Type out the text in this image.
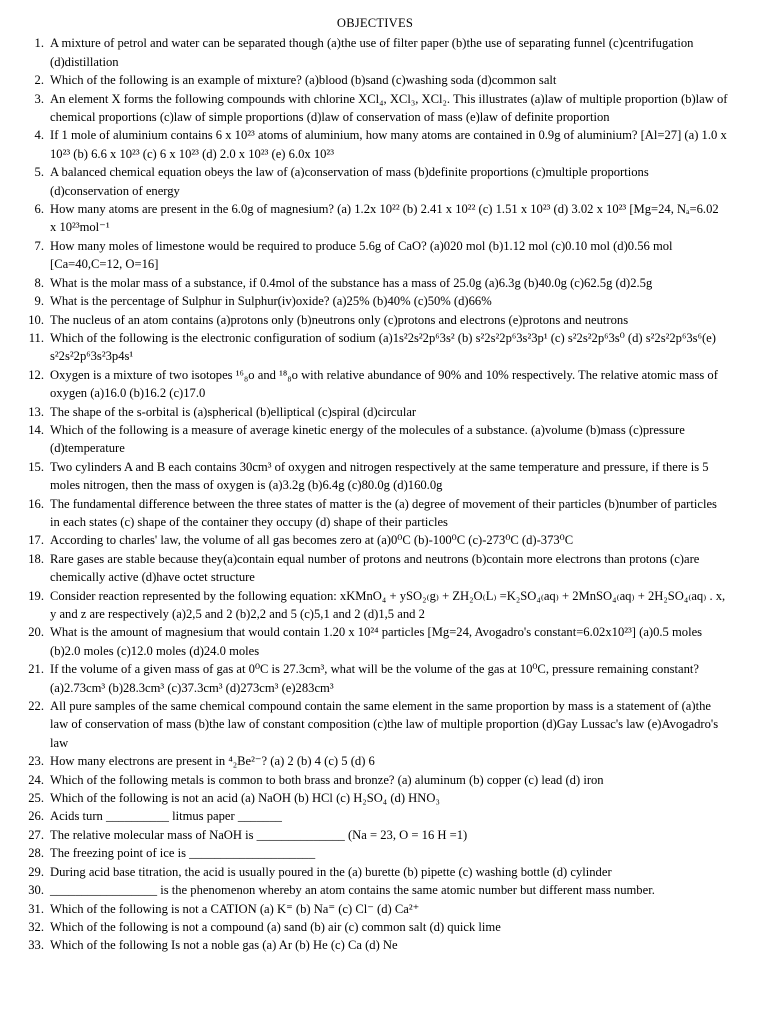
OBJECTIVES
1. A mixture of petrol and water can be separated though (a)the use of filter paper (b)the use of separating funnel (c)centrifugation (d)distillation
2. Which of the following is an example of mixture? (a)blood (b)sand (c)washing soda (d)common salt
3. An element X forms the following compounds with chlorine XCl₄, XCl₃, XCl₂. This illustrates (a)law of multiple proportion (b)law of chemical proportions (c)law of simple proportions (d)law of conservation of mass (e)law of definite proportion
4. If 1 mole of aluminium contains 6 x 10²³ atoms of aluminium, how many atoms are contained in 0.9g of aluminium? [Al=27] (a) 1.0 x 10²³ (b) 6.6 x 10²³ (c) 6 x 10²³ (d) 2.0 x 10²³ (e) 6.0x 10²³
5. A balanced chemical equation obeys the law of (a)conservation of mass (b)definite proportions (c)multiple proportions (d)conservation of energy
6. How many atoms are present in the 6.0g of magnesium? (a) 1.2x 10²² (b) 2.41 x 10²² (c) 1.51 x 10²³ (d) 3.02 x 10²³ [Mg=24, Nₐ=6.02 x 10²³mol⁻¹
7. How many moles of limestone would be required to produce 5.6g of CaO? (a)020 mol (b)1.12 mol (c)0.10 mol (d)0.56 mol [Ca=40,C=12, O=16]
8. What is the molar mass of a substance, if 0.4mol of the substance has a mass of 25.0g (a)6.3g (b)40.0g (c)62.5g (d)2.5g
9. What is the percentage of Sulphur in Sulphur(iv)oxide? (a)25% (b)40% (c)50% (d)66%
10. The nucleus of an atom contains (a)protons only (b)neutrons only (c)protons and electrons (e)protons and neutrons
11. Which of the following is the electronic configuration of sodium (a)1s²2s²2p⁶3s² (b) s²2s²2p⁶3s²3p¹ (c) s²2s²2p⁶3s⁰ (d) s²2s²2p⁶3s⁶(e) s²2s²2p⁶3s²3p4s¹
12. Oxygen is a mixture of two isotopes ¹⁶₈o and ¹⁸₈o with relative abundance of 90% and 10% respectively. The relative atomic mass of oxygen (a)16.0 (b)16.2 (c)17.0
13. The shape of the s-orbital is (a)spherical (b)elliptical (c)spiral (d)circular
14. Which of the following is a measure of average kinetic energy of the molecules of a substance. (a)volume (b)mass (c)pressure (d)temperature
15. Two cylinders A and B each contains 30cm³ of oxygen and nitrogen respectively at the same temperature and pressure, if there is 5 moles nitrogen, then the mass of oxygen is (a)3.2g (b)6.4g (c)80.0g (d)160.0g
16. The fundamental difference between the three states of matter is the (a) degree of movement of their particles (b)number of particles in each states (c) shape of the container they occupy (d) shape of their particles
17. According to charles' law, the volume of all gas becomes zero at (a)0⁰C (b)-100⁰C (c)-273⁰C (d)-373⁰C
18. Rare gases are stable because they(a)contain equal number of protons and neutrons (b)contain more electrons than protons (c)are chemically active (d)have octet structure
19. Consider reaction represented by the following equation: xKMnO₄ + ySO₂₍g₎ + ZH₂O₍L₎ =K₂SO₄₍aq₎ + 2MnSO₄₍aq₎ + 2H₂SO₄₍aq₎ . x, y and z are respectively (a)2,5 and 2 (b)2,2 and 5 (c)5,1 and 2 (d)1,5 and 2
20. What is the amount of magnesium that would contain 1.20 x 10²⁴ particles [Mg=24, Avogadro's constant=6.02x10²³] (a)0.5 moles (b)2.0 moles (c)12.0 moles (d)24.0 moles
21. If the volume of a given mass of gas at 0⁰C is 27.3cm³, what will be the volume of the gas at 10⁰C, pressure remaining constant? (a)2.73cm³ (b)28.3cm³ (c)37.3cm³ (d)273cm³ (e)283cm³
22. All pure samples of the same chemical compound contain the same element in the same proportion by mass is a statement of (a)the law of conservation of mass (b)the law of constant composition (c)the law of multiple proportion (d)Gay Lussac's law (e)Avogadro's law
23. How many electrons are present in ⁴₂Be²⁻? (a) 2 (b) 4 (c) 5 (d) 6
24. Which of the following metals is common to both brass and bronze? (a) aluminum (b) copper (c) lead (d) iron
25. Which of the following is not an acid (a) NaOH (b) HCl (c) H₂SO₄ (d) HNO₃
26. Acids turn __________ litmus paper _______
27. The relative molecular mass of NaOH is ______________ (Na = 23, O = 16 H =1)
28. The freezing point of ice is ____________________
29. During acid base titration, the acid is usually poured in the (a) burette (b) pipette (c) washing bottle (d) cylinder
30. _________________ is the phenomenon whereby an atom contains the same atomic number but different mass number.
31. Which of the following is not a CATION (a) K⁼ (b) Na⁼ (c) Cl⁻ (d) Ca²⁺
32. Which of the following is not a compound (a) sand (b) air (c) common salt (d) quick lime
33. Which of the following Is not a noble gas (a) Ar (b) He (c) Ca (d) Ne
